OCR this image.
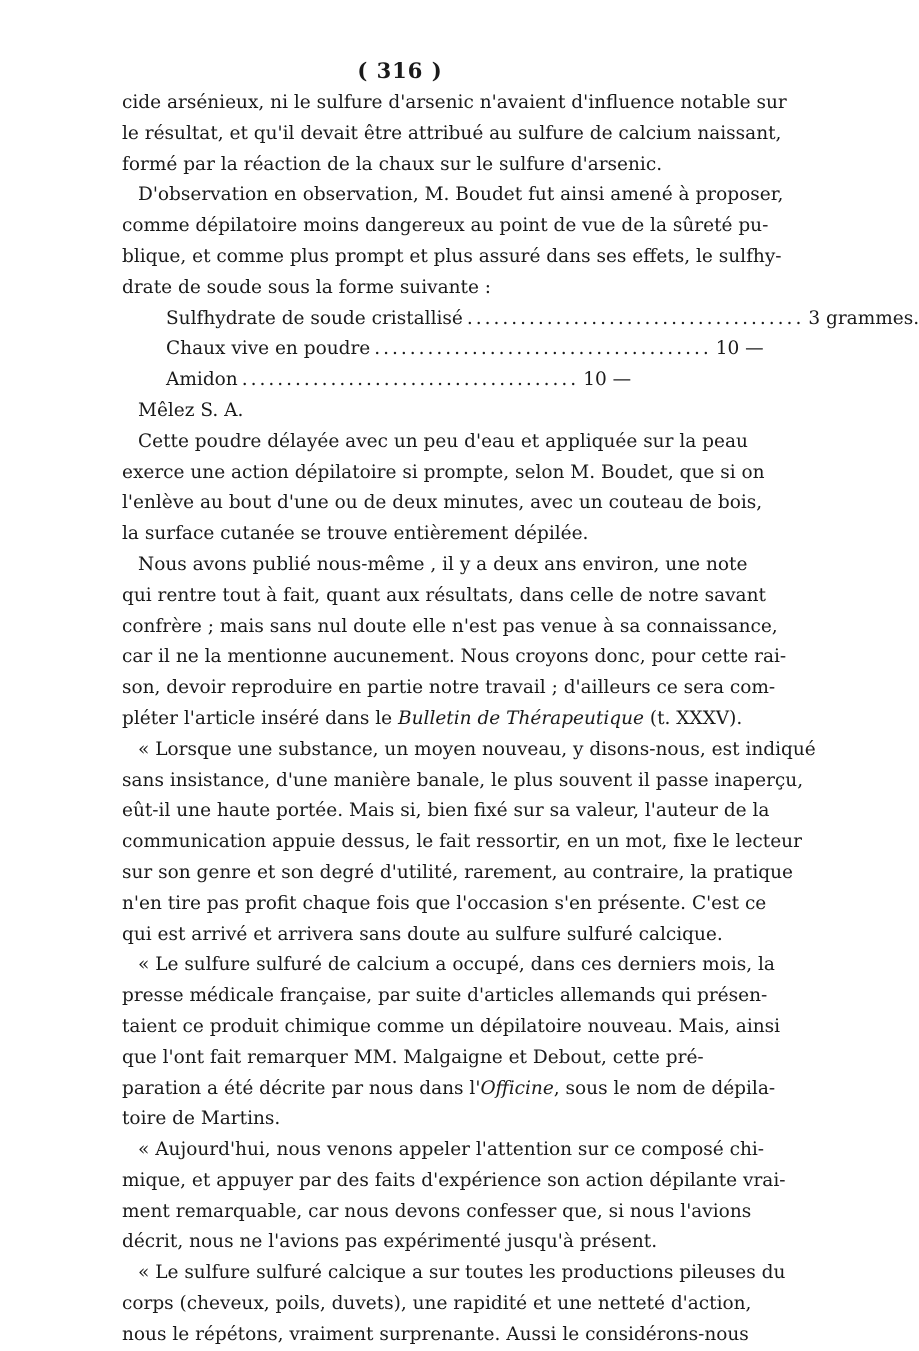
( 316 )
cide arsénieux, ni le sulfure d'arsenic n'avaient d'influence notable sur
le résultat, et qu'il devait être attribué au sulfure de calcium naissant,
formé par la réaction de la chaux sur le sulfure d'arsenic.
D'observation en observation, M. Boudet fut ainsi amené à proposer,
comme dépilatoire moins dangereux au point de vue de la sûreté pu-
blique, et comme plus prompt et plus assuré dans ses effets, le sulfhy-
drate de soude sous la forme suivante :
Sulfhydrate de soude cristallisé ...................................... 3 grammes.
Chaux vive en poudre ...................................... 10 —
Amidon ...................................... 10 —
Mêlez S. A.
Cette poudre délayée avec un peu d'eau et appliquée sur la peau
exerce une action dépilatoire si prompte, selon M. Boudet, que si on
l'enlève au bout d'une ou de deux minutes, avec un couteau de bois,
la surface cutanée se trouve entièrement dépilée.
Nous avons publié nous-même , il y a deux ans environ, une note
qui rentre tout à fait, quant aux résultats, dans celle de notre savant
confrère ; mais sans nul doute elle n'est pas venue à sa connaissance,
car il ne la mentionne aucunement. Nous croyons donc, pour cette rai-
son, devoir reproduire en partie notre travail ; d'ailleurs ce sera com-
pléter l'article inséré dans le Bulletin de Thérapeutique (t. XXXV).
« Lorsque une substance, un moyen nouveau, y disons-nous, est indiqué
sans insistance, d'une manière banale, le plus souvent il passe inaperçu,
eût-il une haute portée. Mais si, bien fixé sur sa valeur, l'auteur de la
communication appuie dessus, le fait ressortir, en un mot, fixe le lecteur
sur son genre et son degré d'utilité, rarement, au contraire, la pratique
n'en tire pas profit chaque fois que l'occasion s'en présente. C'est ce
qui est arrivé et arrivera sans doute au sulfure sulfuré calcique.
« Le sulfure sulfuré de calcium a occupé, dans ces derniers mois, la
presse médicale française, par suite d'articles allemands qui présen-
taient ce produit chimique comme un dépilatoire nouveau. Mais, ainsi
que l'ont fait remarquer MM. Malgaigne et Debout, cette pré-
paration a été décrite par nous dans l'Officine, sous le nom de dépila-
toire de Martins.
« Aujourd'hui, nous venons appeler l'attention sur ce composé chi-
mique, et appuyer par des faits d'expérience son action dépilante vrai-
ment remarquable, car nous devons confesser que, si nous l'avions
décrit, nous ne l'avions pas expérimenté jusqu'à présent.
« Le sulfure sulfuré calcique a sur toutes les productions pileuses du
corps (cheveux, poils, duvets), une rapidité et une netteté d'action,
nous le répétons, vraiment surprenante. Aussi le considérons-nous
